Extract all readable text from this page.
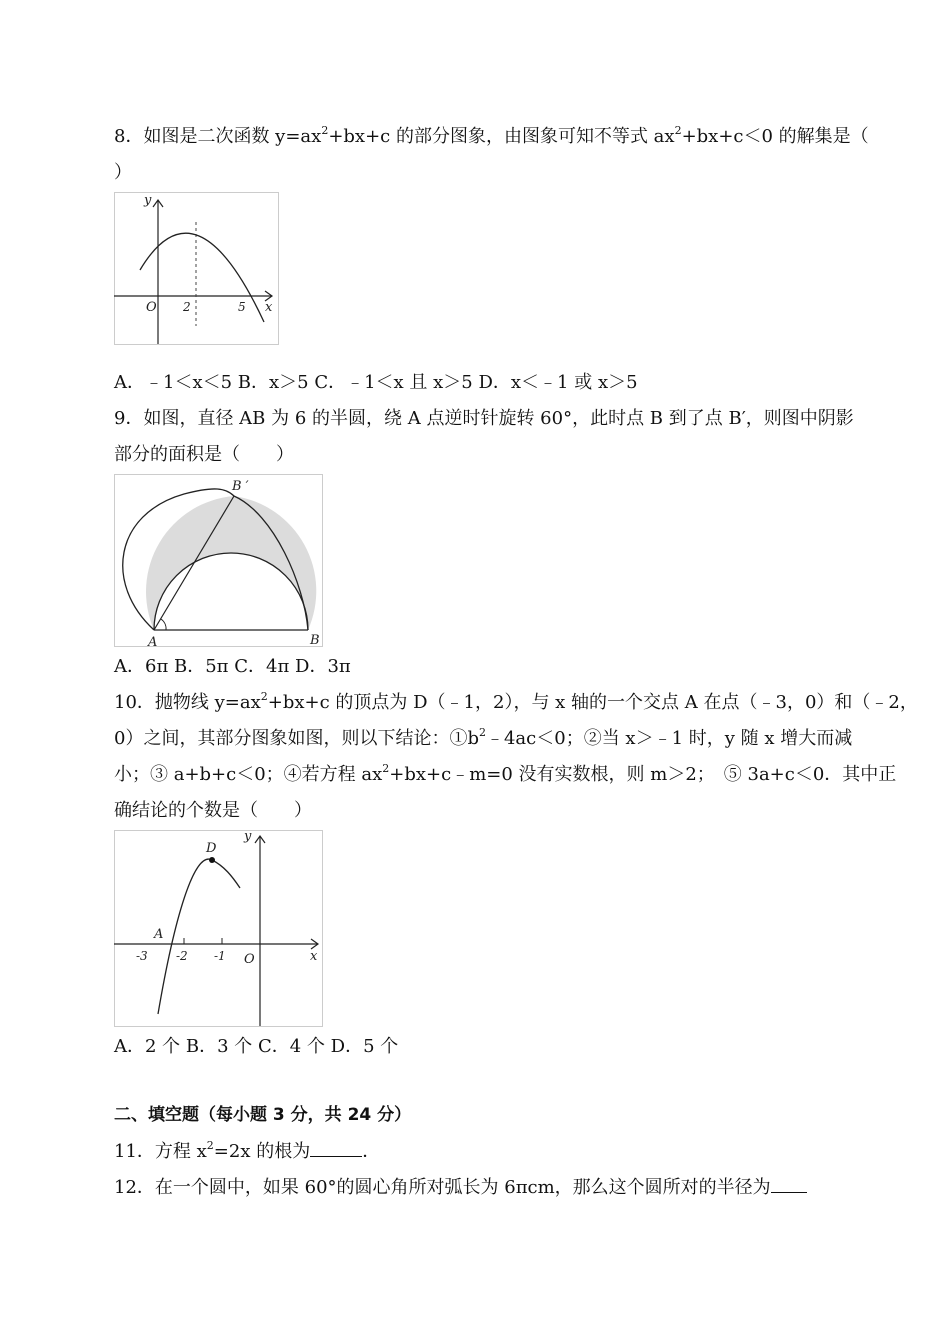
8．如图是二次函数 $y=ax^2+bx+c$ 的部分图象，由图象可知不等式 $ax^2+bx+c<0$ 的解集是（
）
y
x
O 2	5
A．﹣1＜x＜5 B．x＞5 C．﹣1＜x 且 x＞5 D．x＜﹣1 或 x＞5
9．如图，直径 AB 为 6 的半圆，绕 A 点逆时针旋转 60°，此时点 B 到了点 B′，则图中阴影
部分的面积是（　　）
A	B
B ′
A．6π B．5π C．4π D．3π
10．抛物线 $y=ax^2+bx+c$ 的顶点为 D（﹣1，2），与 x 轴的一个交点 A 在点（﹣3，0）和（﹣2，
0）之间，其部分图象如图，则以下结论：$①b^2﹣4ac<0$；②当 x＞﹣1 时，y 随 x 增大而减
小；③ a+b+c＜0；④若方程 $ax^2+bx+c﹣m=0$ 没有实数根，则 m＞2；　⑤ 3a+c＜0．其中正
确结论的个数是（　　）
D
A
y
x
O
-3 -2 -1
A．2 个 B．3 个 C．4 个 D．5 个
二、填空题（每小题 3 分，共 24 分）
11．方程 $x^2=2x$ 的根为	．
12．在一个圆中，如果 60°的圆心角所对弧长为 6πcm，那么这个圆所对的半径为
